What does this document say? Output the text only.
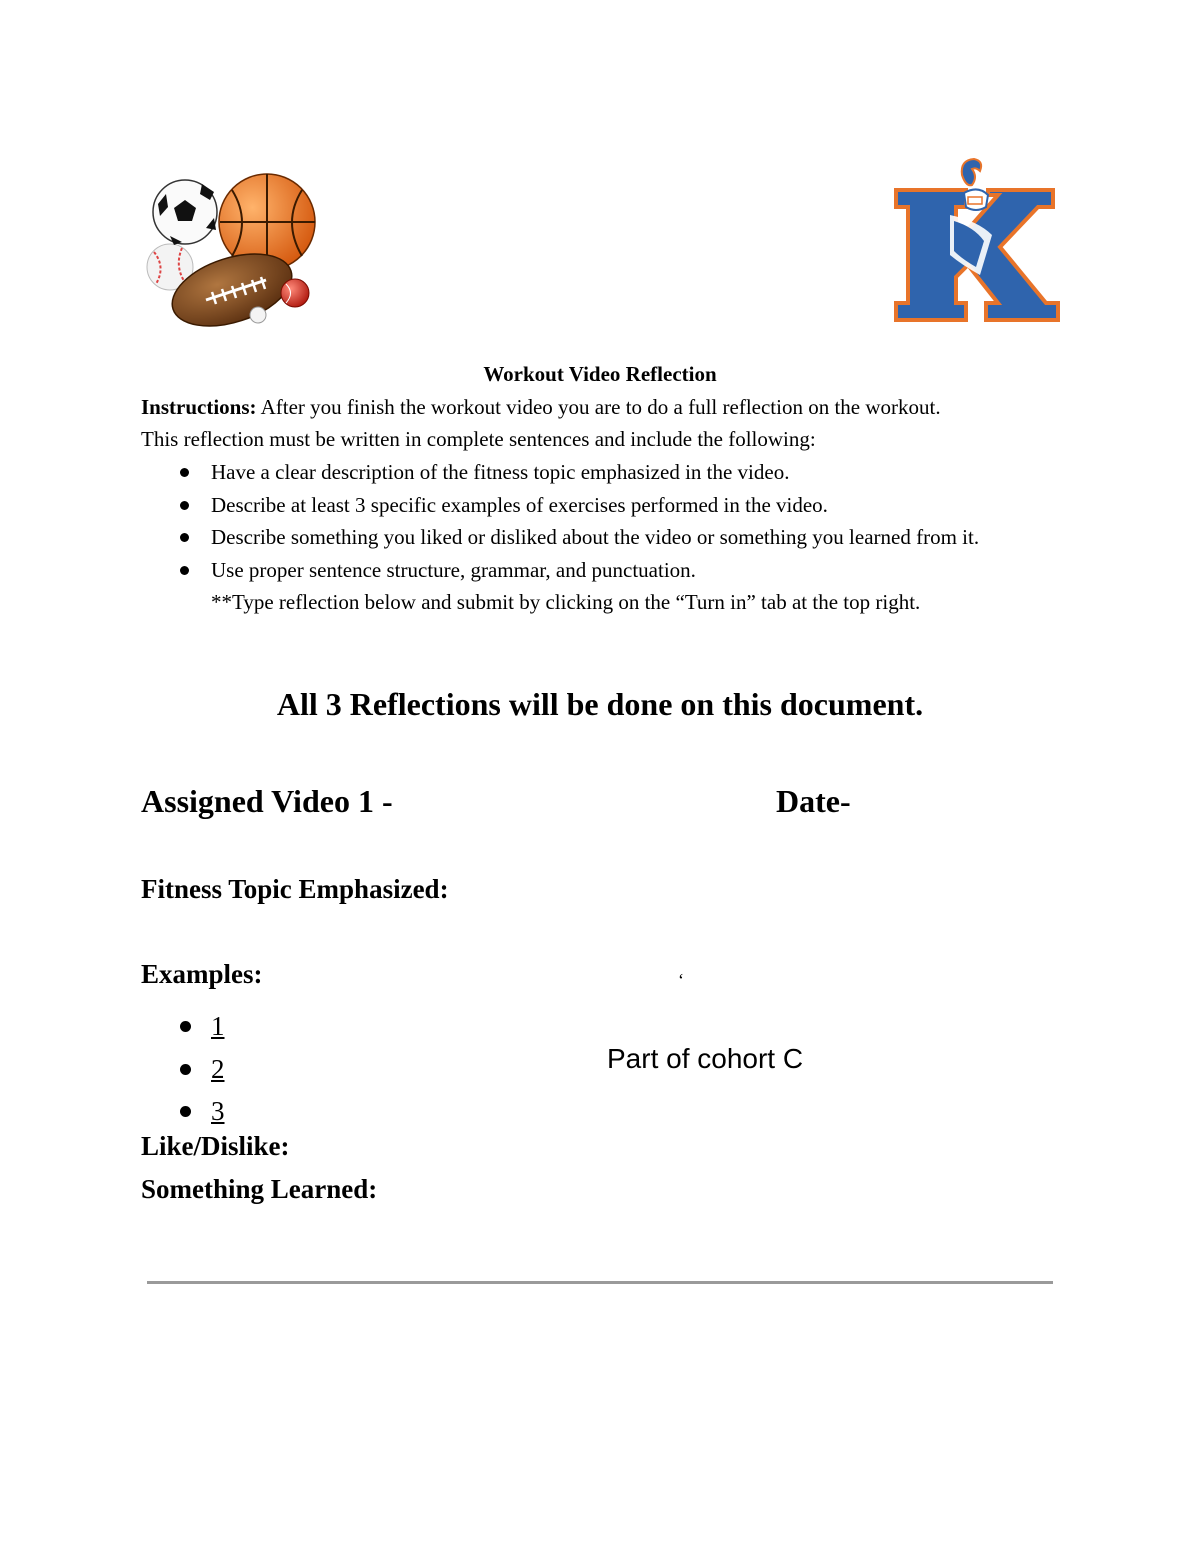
Workout Video Reflection
Instructions: After you finish the workout video you are to do a full reflection on the workout.
This reflection must be written in complete sentences and include the following:
Have a clear description of the fitness topic emphasized in the video.
Describe at least 3 specific examples of exercises performed in the video.
Describe something you liked or disliked about the video or something you learned from it.
Use proper sentence structure, grammar, and punctuation.
**Type reflection below and submit by clicking on the “Turn in” tab at the top right.
All 3 Reflections will be done on this document.
Assigned Video 1 -	Date-
Fitness Topic Emphasized:
Examples:	‘
1
2
3
Part of cohort C
Like/Dislike:
Something Learned:
